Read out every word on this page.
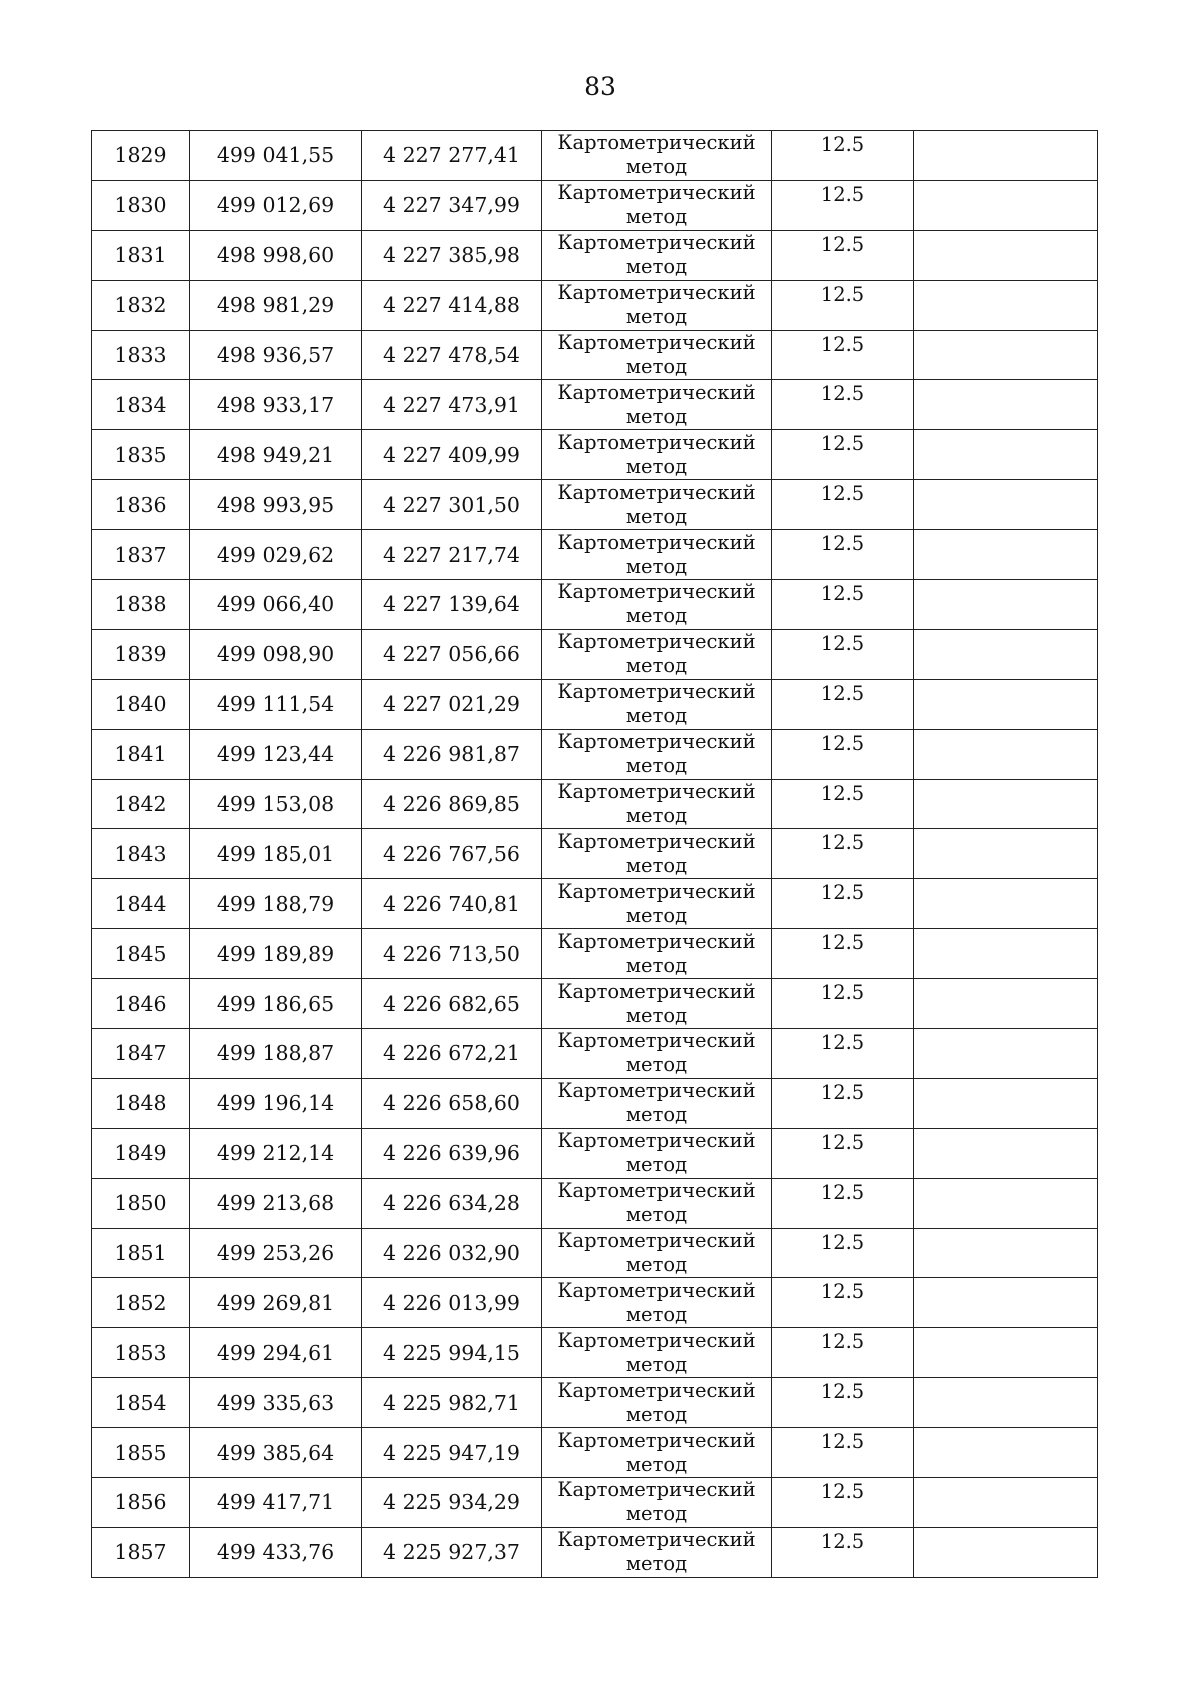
83
1829	499 041,55	4 227 277,41	Картометрический
метод	12.5	
1830	499 012,69	4 227 347,99	Картометрический
метод	12.5	
1831	498 998,60	4 227 385,98	Картометрический
метод	12.5	
1832	498 981,29	4 227 414,88	Картометрический
метод	12.5	
1833	498 936,57	4 227 478,54	Картометрический
метод	12.5	
1834	498 933,17	4 227 473,91	Картометрический
метод	12.5	
1835	498 949,21	4 227 409,99	Картометрический
метод	12.5	
1836	498 993,95	4 227 301,50	Картометрический
метод	12.5	
1837	499 029,62	4 227 217,74	Картометрический
метод	12.5	
1838	499 066,40	4 227 139,64	Картометрический
метод	12.5	
1839	499 098,90	4 227 056,66	Картометрический
метод	12.5	
1840	499 111,54	4 227 021,29	Картометрический
метод	12.5	
1841	499 123,44	4 226 981,87	Картометрический
метод	12.5	
1842	499 153,08	4 226 869,85	Картометрический
метод	12.5	
1843	499 185,01	4 226 767,56	Картометрический
метод	12.5	
1844	499 188,79	4 226 740,81	Картометрический
метод	12.5	
1845	499 189,89	4 226 713,50	Картометрический
метод	12.5	
1846	499 186,65	4 226 682,65	Картометрический
метод	12.5	
1847	499 188,87	4 226 672,21	Картометрический
метод	12.5	
1848	499 196,14	4 226 658,60	Картометрический
метод	12.5	
1849	499 212,14	4 226 639,96	Картометрический
метод	12.5	
1850	499 213,68	4 226 634,28	Картометрический
метод	12.5	
1851	499 253,26	4 226 032,90	Картометрический
метод	12.5	
1852	499 269,81	4 226 013,99	Картометрический
метод	12.5	
1853	499 294,61	4 225 994,15	Картометрический
метод	12.5	
1854	499 335,63	4 225 982,71	Картометрический
метод	12.5	
1855	499 385,64	4 225 947,19	Картометрический
метод	12.5	
1856	499 417,71	4 225 934,29	Картометрический
метод	12.5	
1857	499 433,76	4 225 927,37	Картометрический
метод	12.5	
